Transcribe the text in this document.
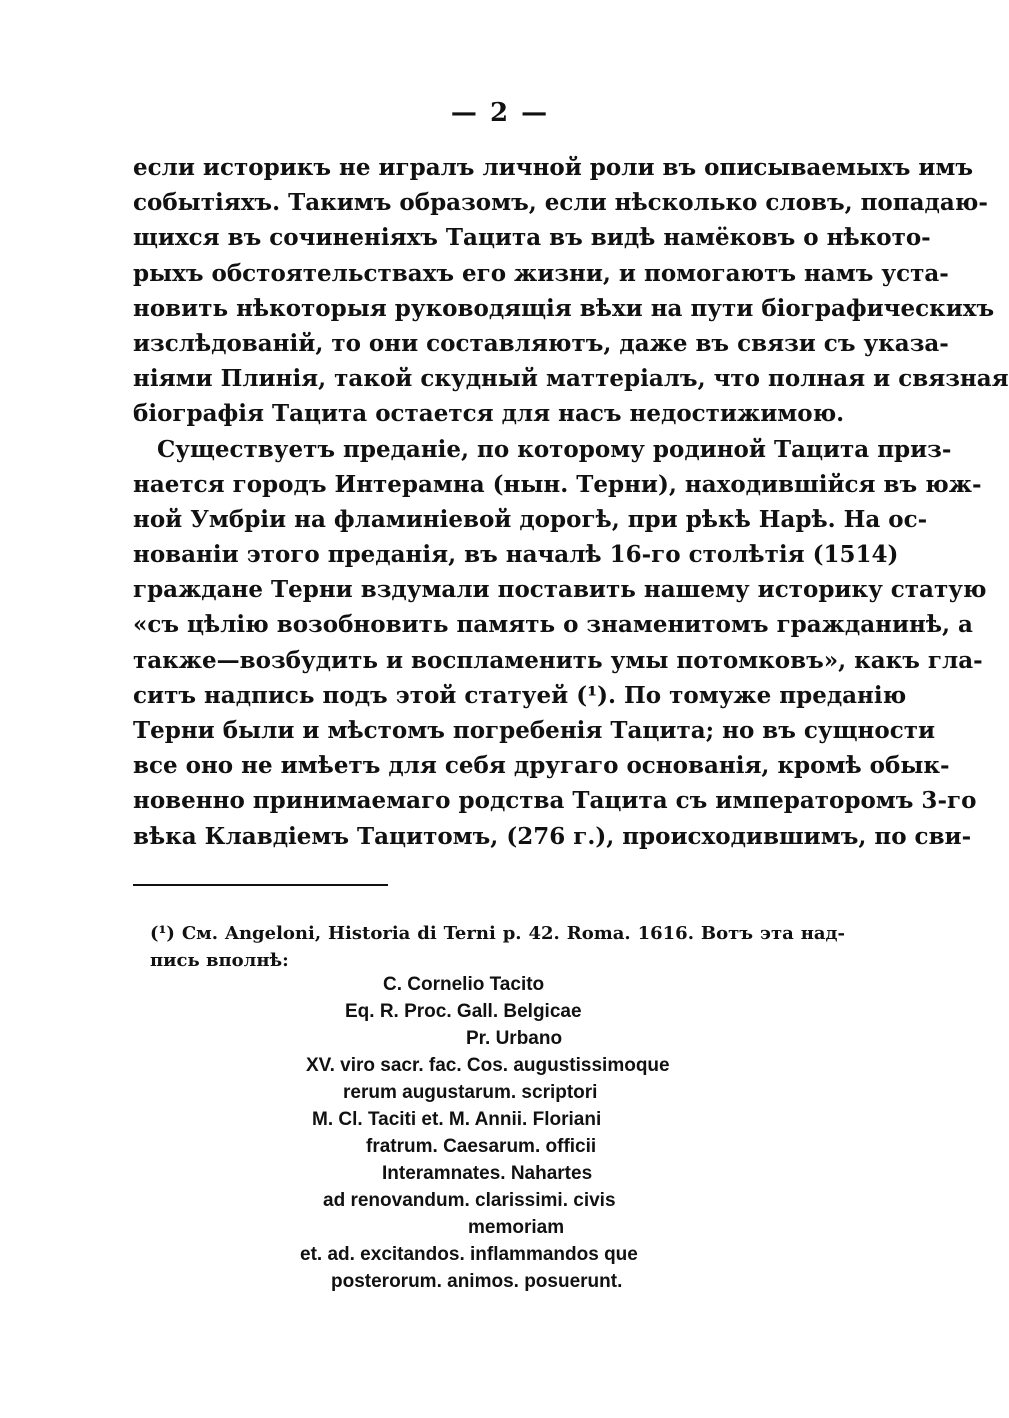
— 2 —
если историкъ не игралъ личной роли въ описываемыхъ имъ
событіяхъ. Такимъ образомъ, если нѣсколько словъ, попадаю-
щихся въ сочиненіяхъ Тацита въ видѣ намёковъ о нѣкото-
рыхъ обстоятельствахъ его жизни, и помогаютъ намъ уста-
новить нѣкоторыя руководящія вѣхи на пути біографическихъ
изслѣдованій, то они составляютъ, даже въ связи съ указа-
ніями Плинія, такой скудный маттеріалъ, что полная и связная
біографія Тацита остается для насъ недостижимою.
Существуетъ преданіе, по которому родиной Тацита приз-
нается городъ Интерамна (нын. Терни), находившійся въ юж-
ной Умбріи на фламиніевой дорогѣ, при рѣкѣ Нарѣ. На ос-
нованіи этого преданія, въ началѣ 16-го столѣтія (1514)
граждане Терни вздумали поставить нашему историку статую
«съ цѣлію возобновить память о знаменитомъ гражданинѣ, а
также—возбудить и воспламенить умы потомковъ», какъ гла-
ситъ надпись подъ этой статуей (¹). По томуже преданію
Терни были и мѣстомъ погребенія Тацита; но въ сущности
все оно не имѣетъ для себя другаго основанія, кромѣ обык-
новенно принимаемаго родства Тацита съ императоромъ 3-го
вѣка Клавдіемъ Тацитомъ, (276 г.), происходившимъ, по сви-
(¹) См. Angeloni, Historia di Terni p. 42. Roma. 1616. Вотъ эта над-
пись вполнѣ:
C. Cornelio Tacito
Eq. R. Proc. Gall. Belgicae
Pr. Urbano
XV. viro sacr. fac. Cos. augustissimoque
rerum augustarum. scriptori
M. Cl. Taciti et. M. Annii. Floriani
fratrum. Caesarum. officii
Interamnates. Nahartes
ad renovandum. clarissimi. civis
memoriam
et. ad. excitandos. inflammandos que
posterorum. animos. posuerunt.
